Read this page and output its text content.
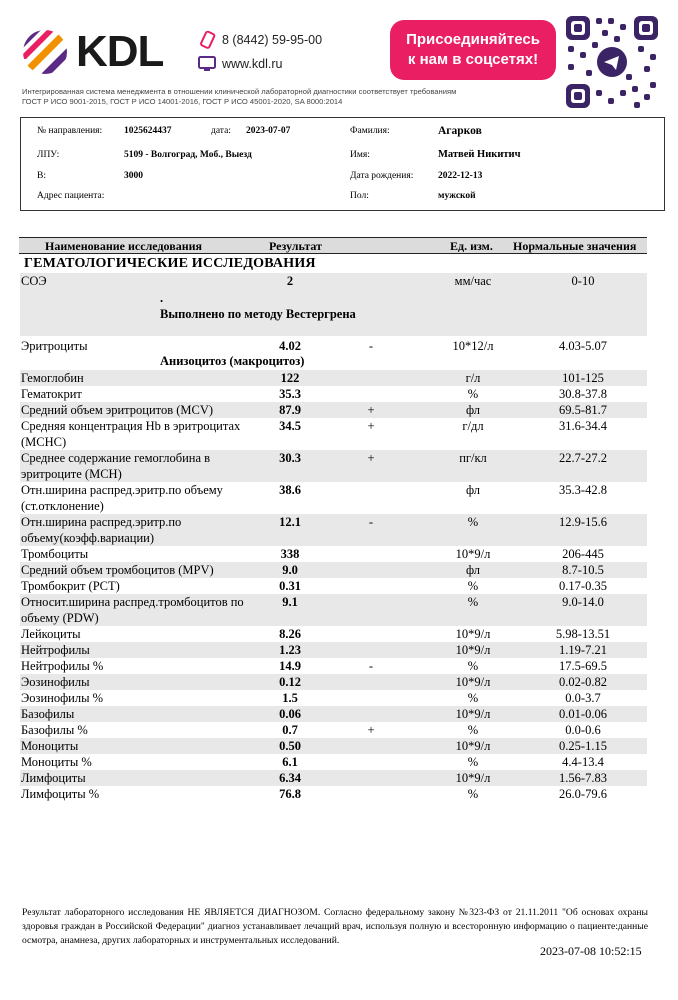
KDL	8 (8442) 59-95-00
www.kdl.ru
Присоединяйтесь
к нам в соцсетях!
Интегрированная система менеджмента в отношении клинической лабораторной диагностики соответствует требованиям
ГОСТ Р ИСО 9001-2015, ГОСТ Р ИСО 14001-2016, ГОСТ Р ИСО 45001-2020, SA 8000:2014
№ направления: 1025624437	дата: 2023-07-07
ЛПУ:	5109 - Волгоград, Моб., Выезд
В:	3000
Адрес пациента:
Фамилия:	Агарков
Имя:	Матвей Никитич
Дата рождения:	2022-12-13
Пол:	мужской
Наименование исследования	Результат	Ед. изм. Нормальные значения
ГЕМАТОЛОГИЧЕСКИЕ ИССЛЕДОВАНИЯ
СОЭ	2	мм/час	0-10
.
Выполнено по методу Вестергрена
Эритроциты	4.02	-	10*12/л	4.03-5.07
Анизоцитоз (макроцитоз)
Гемоглобин	122	г/л	101-125
Гематокрит	35.3	%	30.8-37.8
Средний объем эритроцитов (MCV)	87.9	+	фл	69.5-81.7
Средняя концентрация Hb в эритроцитах (MCHC)
34.5	+	г/дл	31.6-34.4
Среднее содержание гемоглобина в эритроците (MCH)
30.3	+	пг/кл	22.7-27.2
Отн.ширина распред.эритр.по объему (ст.отклонение)
38.6	фл	35.3-42.8
Отн.ширина распред.эритр.по объему(коэфф.вариации)
12.1	-	%	12.9-15.6
Тромбоциты	338	10*9/л	206-445
Средний объем тромбоцитов (MPV)	9.0	фл	8.7-10.5
Тромбокрит (PCT)	0.31	%	0.17-0.35
Относит.ширина распред.тромбоцитов по объему (PDW)
9.1	%	9.0-14.0
Лейкоциты	8.26	10*9/л	5.98-13.51
Нейтрофилы	1.23	10*9/л	1.19-7.21
Нейтрофилы %	14.9	-	%	17.5-69.5
Эозинофилы	0.12	10*9/л	0.02-0.82
Эозинофилы %	1.5	%	0.0-3.7
Базофилы	0.06	10*9/л	0.01-0.06
Базофилы %	0.7	+	%	0.0-0.6
Моноциты	0.50	10*9/л	0.25-1.15
Моноциты %	6.1	%	4.4-13.4
Лимфоциты	6.34	10*9/л	1.56-7.83
Лимфоциты %	76.8	%	26.0-79.6
Результат лабораторного исследования НЕ ЯВЛЯЕТСЯ ДИАГНОЗОМ. Согласно федеральному закону №323-ФЗ от 21.11.2011 "Об основах охраны здоровья граждан в Российской Федерации" диагноз устанавливает лечащий врач, используя полную и всесторонную информацию о пациенте:данные осмотра, анамнеза, других лабораторных и инструментальных исследований.
2023-07-08 10:52:15
